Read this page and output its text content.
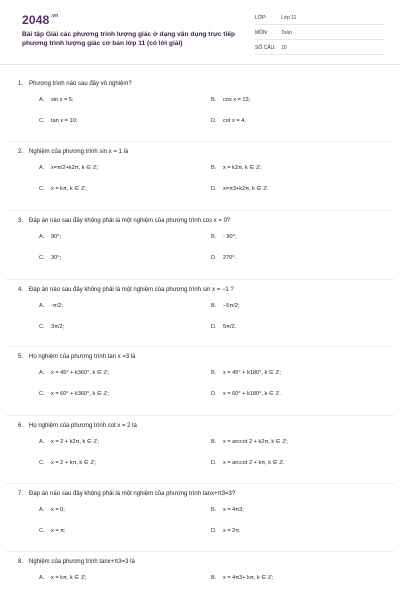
$2048^{.vn}$
Bài tập Giải các phương trình lượng giác ở dạng vận dụng trực tiếp phương trình lượng giác cơ bản lớp 11 (có lời giải)
LỚP:	Lớp 11
MÔN:	Toán
SỐ CÂU: 10
1. Phương trình nào sau đây vô nghiệm?
A. sin x = 5;	B. cos x = 13;
C. tan x = 10;	D. cot x = 4.
2. Nghiệm của phương trình sin x = 1 là
A. x=π/2+k2π, k ∈ ℤ;	B. x = k2π, k ∈ ℤ;
C. x = kπ, k ∈ ℤ;	D. x=π3+k2π, k ∈ ℤ.
3. Đáp án nào sau đây không phải là một nghiệm của phương trình cos x = 0?
A. 90°;	B. - 90°;
C. 30°;	D. 270°.
4. Đáp án nào sau đây không phải là một nghiệm của phương trình sin x = −1 ?
A. -π/2;	B. −5π/2;
C. 3π/2;	D. 5π/2.
5. Họ nghiệm của phương trình tan x =3 là
A. x = 45° + k360°, k ∈ ℤ;	B. x = 45° + k180°, k ∈ ℤ;
C. x = 60° + k360°, k ∈ ℤ;	D. x = 60° + k180°, k ∈ ℤ.
6. Họ nghiệm của phương trình cot x = 2 là
A. x = 2 + k2π, k ∈ ℤ;	B. x = arccot 2 + k2π, k ∈ ℤ;
C. x = 2 + kπ, k ∈ ℤ;	D. x = arccot 2 + kπ, k ∈ ℤ.
7. Đáp án nào sau đây không phải là một nghiệm của phương trình tanx+π3=3?
A. x = 0;	B. x = 4π3;
C. x = π;	D. x = 2π.
8. Nghiệm của phương trình tanx+π3=3 là
A. x = kπ, k ∈ ℤ;	B. x = 4π3+ kπ, k ∈ ℤ;
